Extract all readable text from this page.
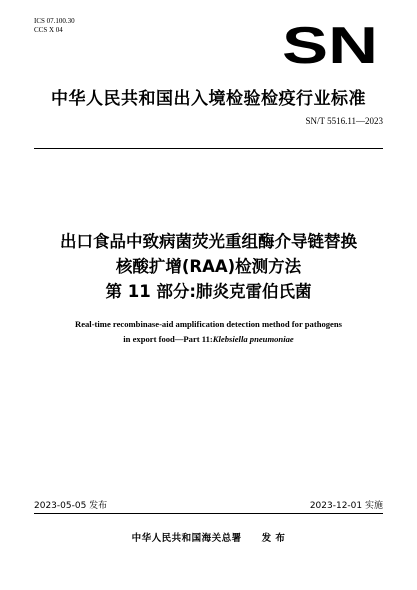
ICS 07.100.30
CCS X 04	SN
中华人民共和国出入境检验检疫行业标准
SN/T 5516.11—2023
出口食品中致病菌荧光重组酶介导链替换
核酸扩增(RAA)检测方法
第 11 部分:肺炎克雷伯氏菌
Real-time recombinase-aid amplification detection method for pathogens
in export food—Part 11:Klebsiella pneumoniae
2023-05-05 发布	2023-12-01 实施
中华人民共和国海关总署　　发 布
